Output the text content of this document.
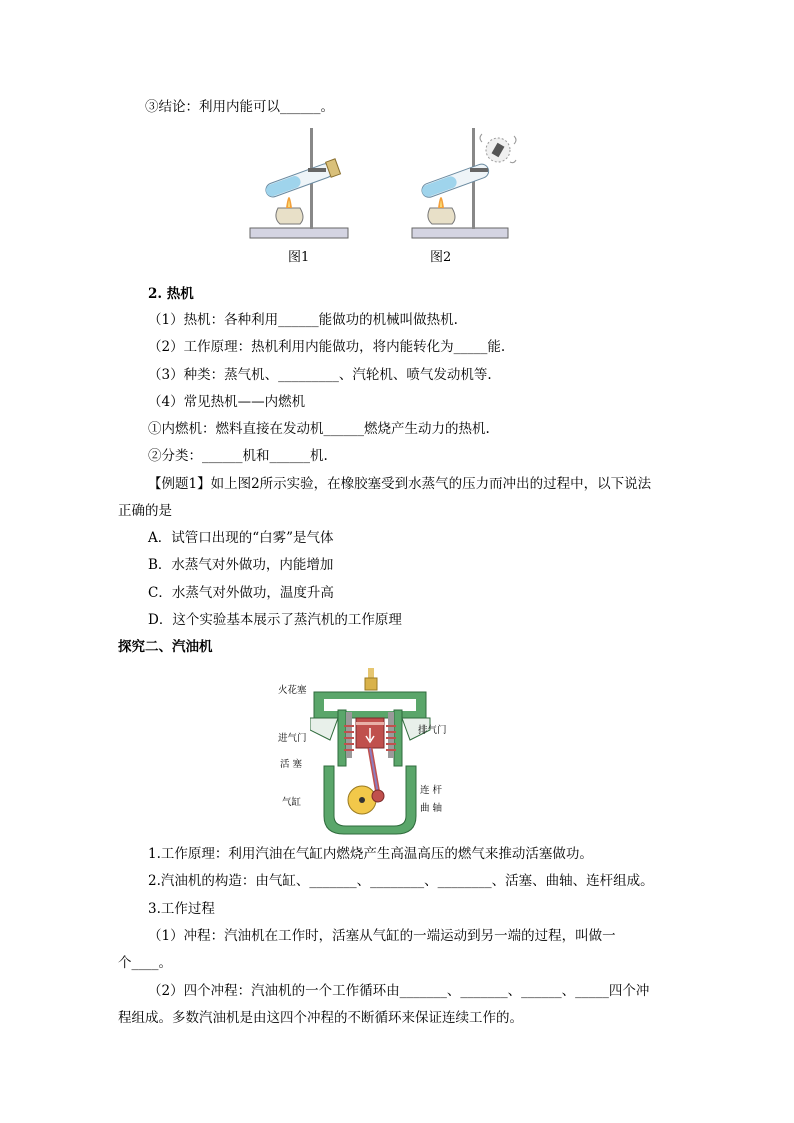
③结论：利用内能可以______。
图1	图2
2. 热机
（1）热机：各种利用______能做功的机械叫做热机.
（2）工作原理：热机利用内能做功，将内能转化为_____能.
（3）种类：蒸气机、_________、汽轮机、喷气发动机等.
（4）常见热机——内燃机
①内燃机：燃料直接在发动机______燃烧产生动力的热机.
②分类：______机和______机.
【例题1】如上图2所示实验，在橡胶塞受到水蒸气的压力而冲出的过程中，以下说法
正确的是
A．试管口出现的“白雾”是气体
B．水蒸气对外做功，内能增加
C．水蒸气对外做功，温度升高
D．这个实验基本展示了蒸汽机的工作原理
探究二、汽油机
火花塞
进气门
排气门
活 塞
气缸
连 杆
曲 轴
1.工作原理：利用汽油在气缸内燃烧产生高温高压的燃气来推动活塞做功。
2.汽油机的构造：由气缸、_______、________、________、活塞、曲轴、连杆组成。
3.工作过程
（1）冲程：汽油机在工作时，活塞从气缸的一端运动到另一端的过程，叫做一
个____。
（2）四个冲程：汽油机的一个工作循环由_______、_______、______、_____四个冲
程组成。多数汽油机是由这四个冲程的不断循环来保证连续工作的。
